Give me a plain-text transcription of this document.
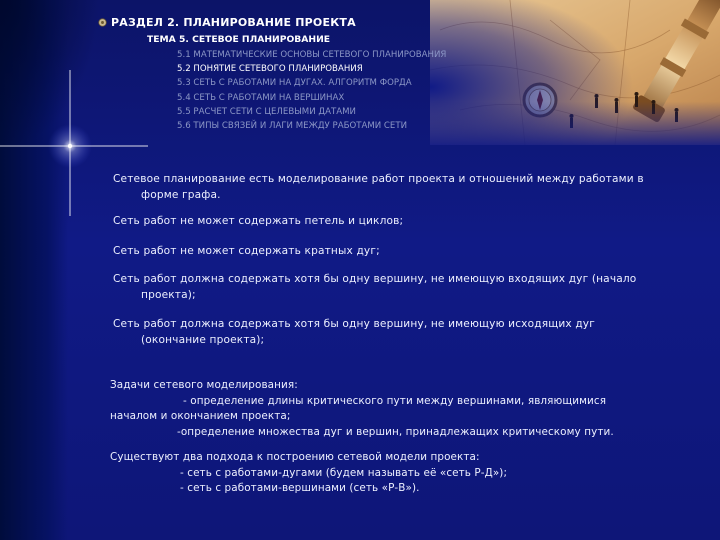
РАЗДЕЛ 2. ПЛАНИРОВАНИЕ ПРОЕКТА
ТЕМА 5. СЕТЕВОЕ ПЛАНИРОВАНИЕ
5.1 МАТЕМАТИЧЕСКИЕ ОСНОВЫ СЕТЕВОГО ПЛАНИРОВАНИЯ
5.2 ПОНЯТИЕ СЕТЕВОГО ПЛАНИРОВАНИЯ
5.3 СЕТЬ С РАБОТАМИ НА ДУГАХ. АЛГОРИТМ ФОРДА
5.4 СЕТЬ С РАБОТАМИ НА ВЕРШИНАХ
5.5 РАСЧЕТ СЕТИ С ЦЕЛЕВЫМИ ДАТАМИ
5.6 ТИПЫ СВЯЗЕЙ И ЛАГИ МЕЖДУ РАБОТАМИ СЕТИ
Сетевое планирование есть моделирование работ проекта и отношений между работами в
форме графа.
Сеть работ не может содержать петель и циклов;
Сеть работ не может содержать кратных дуг;
Сеть работ должна содержать хотя бы одну вершину, не имеющую входящих дуг (начало
проекта);
Сеть работ должна содержать хотя бы одну вершину, не имеющую исходящих дуг
(окончание проекта);
Задачи сетевого моделирования:
- определение длины критического пути между вершинами, являющимися
началом и окончанием проекта;
-определение множества дуг и вершин, принадлежащих критическому пути.
Существуют два подхода к построению сетевой модели проекта:
- сеть с работами-дугами (будем называть её «сеть Р-Д»);
- сеть с работами-вершинами (сеть «Р-В»).
